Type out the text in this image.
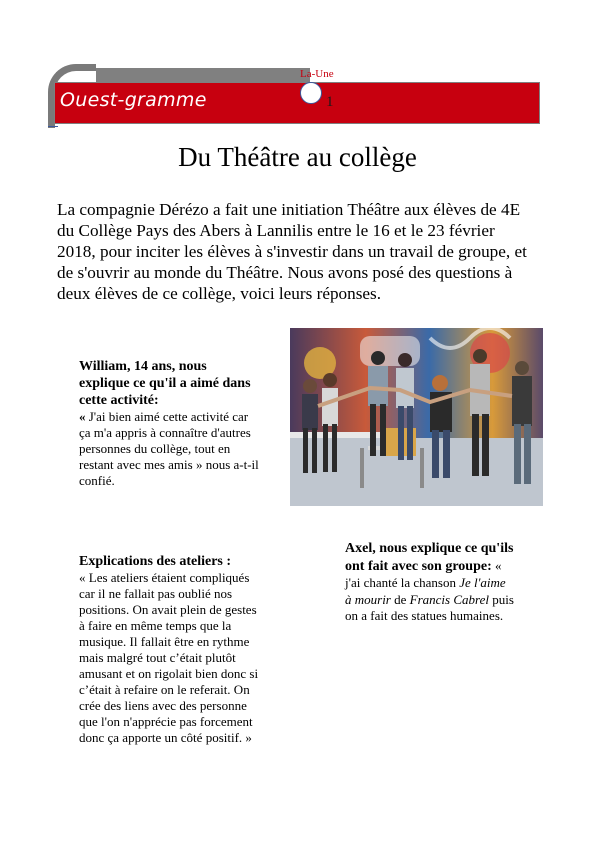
Ouest-gramme
La-Une
1
Du Théâtre au collège

La compagnie Dérézo a fait une initiation Théâtre aux élèves de 4E du Collège Pays des Abers à Lannilis entre le 16 et le 23 février 2018, pour inciter les élèves à s'investir dans un travail de groupe, et de s'ouvrir au monde du Théâtre. Nous avons posé des questions à deux élèves de ce collège, voici leurs réponses.

William, 14 ans, nous explique ce qu'il a aimé dans cette activité:

« J'ai bien aimé cette activité car ça m'a appris à connaître d'autres personnes du collège, tout en restant avec mes amis » nous a-t-il confié.

Explications des ateliers :

« Les ateliers étaient compliqués car il ne fallait pas oublié nos positions. On avait plein de gestes à faire en même temps que la musique. Il fallait être en rythme mais malgré tout c’était plutôt amusant et on rigolait bien donc si c’était à refaire on le referait. On crée des liens avec des personne que l'on n'apprécie pas forcement donc ça apporte un côté positif. »

Axel, nous explique ce qu'ils ont fait avec son groupe: « j'ai chanté la chanson Je l'aime à mourir de Francis Cabrel puis on a fait des statues humaines.
